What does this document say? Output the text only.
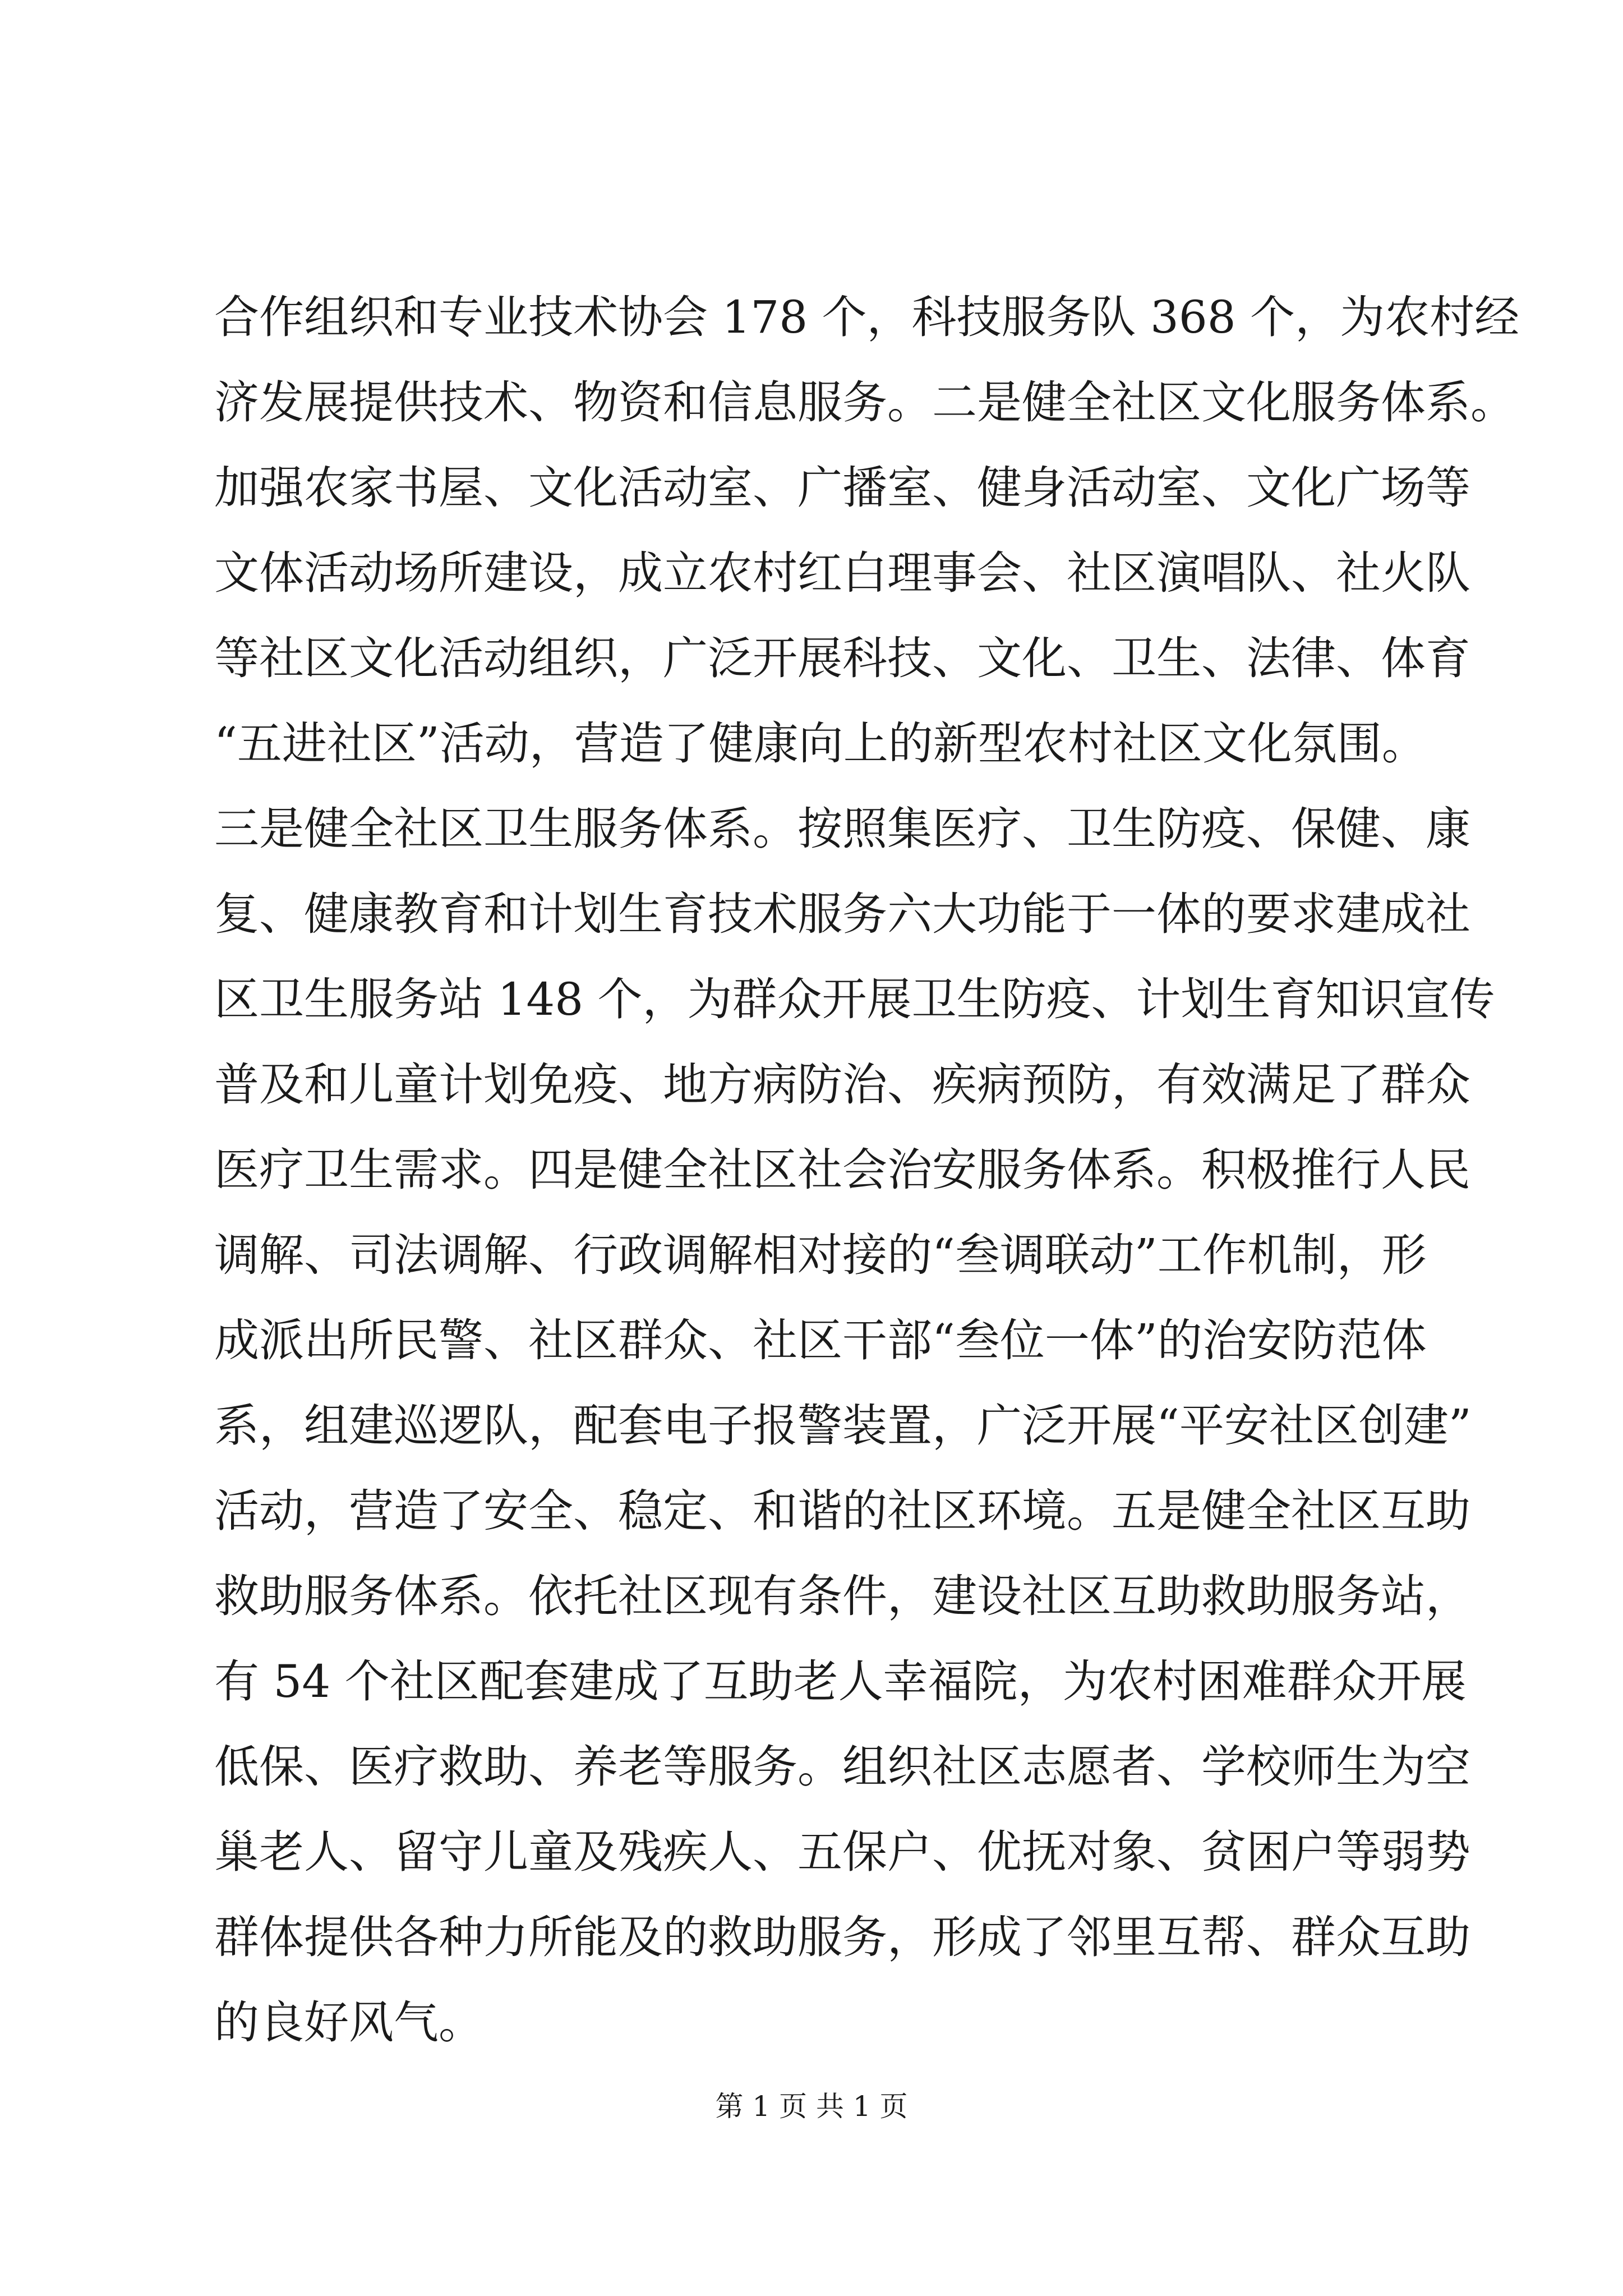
合作组织和专业技术协会 178 个，科技服务队 368 个，为农村经
济发展提供技术、物资和信息服务。二是健全社区文化服务体系。
加强农家书屋、文化活动室、广播室、健身活动室、文化广场等
文体活动场所建设，成立农村红白理事会、社区演唱队、社火队
等社区文化活动组织，广泛开展科技、文化、卫生、法律、体育
“五进社区”活动，营造了健康向上的新型农村社区文化氛围。
三是健全社区卫生服务体系。按照集医疗、卫生防疫、保健、康
复、健康教育和计划生育技术服务六大功能于一体的要求建成社
区卫生服务站 148 个，为群众开展卫生防疫、计划生育知识宣传
普及和儿童计划免疫、地方病防治、疾病预防，有效满足了群众
医疗卫生需求。四是健全社区社会治安服务体系。积极推行人民
调解、司法调解、行政调解相对接的“叁调联动”工作机制，形
成派出所民警、社区群众、社区干部“叁位一体”的治安防范体
系，组建巡逻队，配套电子报警装置，广泛开展“平安社区创建”
活动，营造了安全、稳定、和谐的社区环境。五是健全社区互助
救助服务体系。依托社区现有条件，建设社区互助救助服务站，
有 54 个社区配套建成了互助老人幸福院，为农村困难群众开展
低保、医疗救助、养老等服务。组织社区志愿者、学校师生为空
巢老人、留守儿童及残疾人、五保户、优抚对象、贫困户等弱势
群体提供各种力所能及的救助服务，形成了邻里互帮、群众互助
的良好风气。
第 1 页 共 1 页
